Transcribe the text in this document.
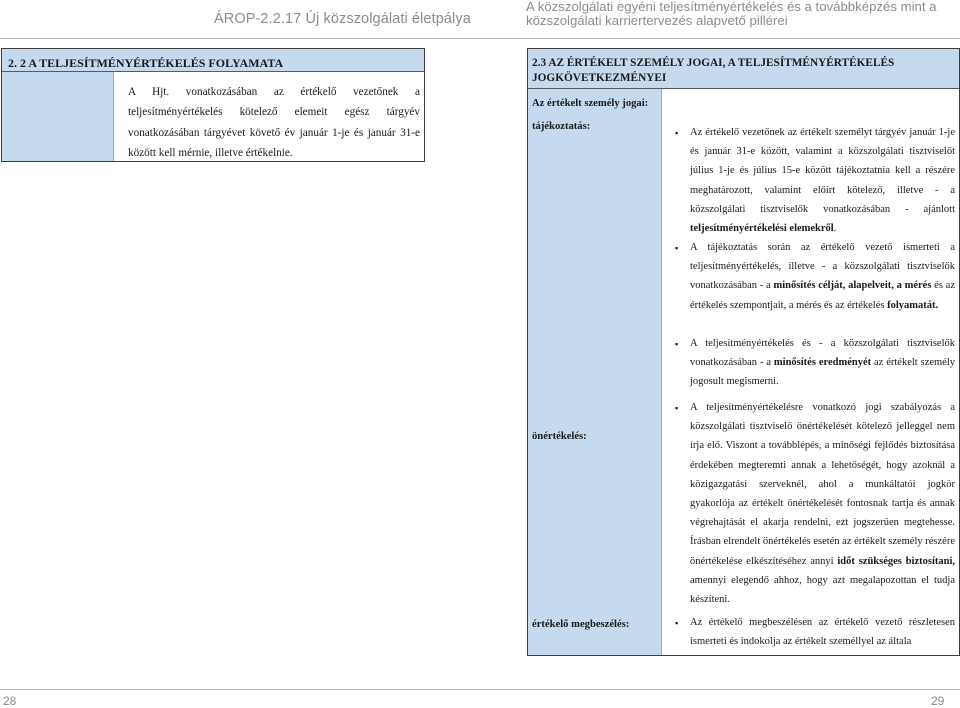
ÁROP-2.2.17 Új közszolgálati életpálya
A közszolgálati egyéni teljesítményértékelés és a továbbképzés mint a
közszolgálati karriertervezés alapvető pillérei
2. 2 A TELJESÍTMÉNYÉRTÉKELÉS FOLYAMATA
A Hjt. vonatkozásában az értékelő vezetőnek a teljesítményértékelés kötelező elemeit egész tárgyév vonatkozásában tárgyévet követő év január 1-je és január 31-e között kell mérnie, illetve értékelnie.
2.3 AZ ÉRTÉKELT SZEMÉLY JOGAI, A TELJESÍTMÉNYÉRTÉKELÉS JOGKÖVETKEZMÉNYEI
Az értékelt személy jogai:
tájékoztatás:
önértékelés:
értékelő megbeszélés:
▪ Az értékelő vezetőnek az értékelt személyt tárgyév január 1-je és január 31-e között, valamint a közszolgálati tisztviselőt július 1-je és július 15-e között tájékoztatnia kell a részére meghatározott, valamint előírt kötelező, illetve - a közszolgálati tisztviselők vonatkozásában - ajánlott teljesítményértékelési elemekről.
▪ A tájékoztatás során az értékelő vezető ismerteti a teljesítményértékelés, illetve - a közszolgálati tisztviselők vonatkozásában - a minősítés célját, alapelveit, a mérés és az értékelés szempontjait, a mérés és az értékelés folyamatát.
▪ A teljesítményértékelés és - a közszolgálati tisztviselők vonatkozásában - a minősítés eredményét az értékelt személy jogosult megismerni.
▪ A teljesítményértékelésre vonatkozó jogi szabályozás a közszolgálati tisztviselő önértékelését kötelező jelleggel nem írja elő. Viszont a továbblépés, a minőségi fejlődés biztosítása érdekében megteremti annak a lehetőségét, hogy azoknál a közigazgatási szerveknél, ahol a munkáltatói jogkör gyakorlója az értékelt önértékelését fontosnak tartja és annak végrehajtását el akarja rendelni, ezt jogszerűen megtehesse. Írásban elrendelt önértékelés esetén az értékelt személy részére önértékelése elkészítéséhez annyi időt szükséges biztosítani, amennyi elegendő ahhoz, hogy azt megalapozottan el tudja készíteni.
▪ Az értékelő megbeszélésen az értékelő vezető részletesen ismerteti és indokolja az értékelt személlyel az általa
28	29
